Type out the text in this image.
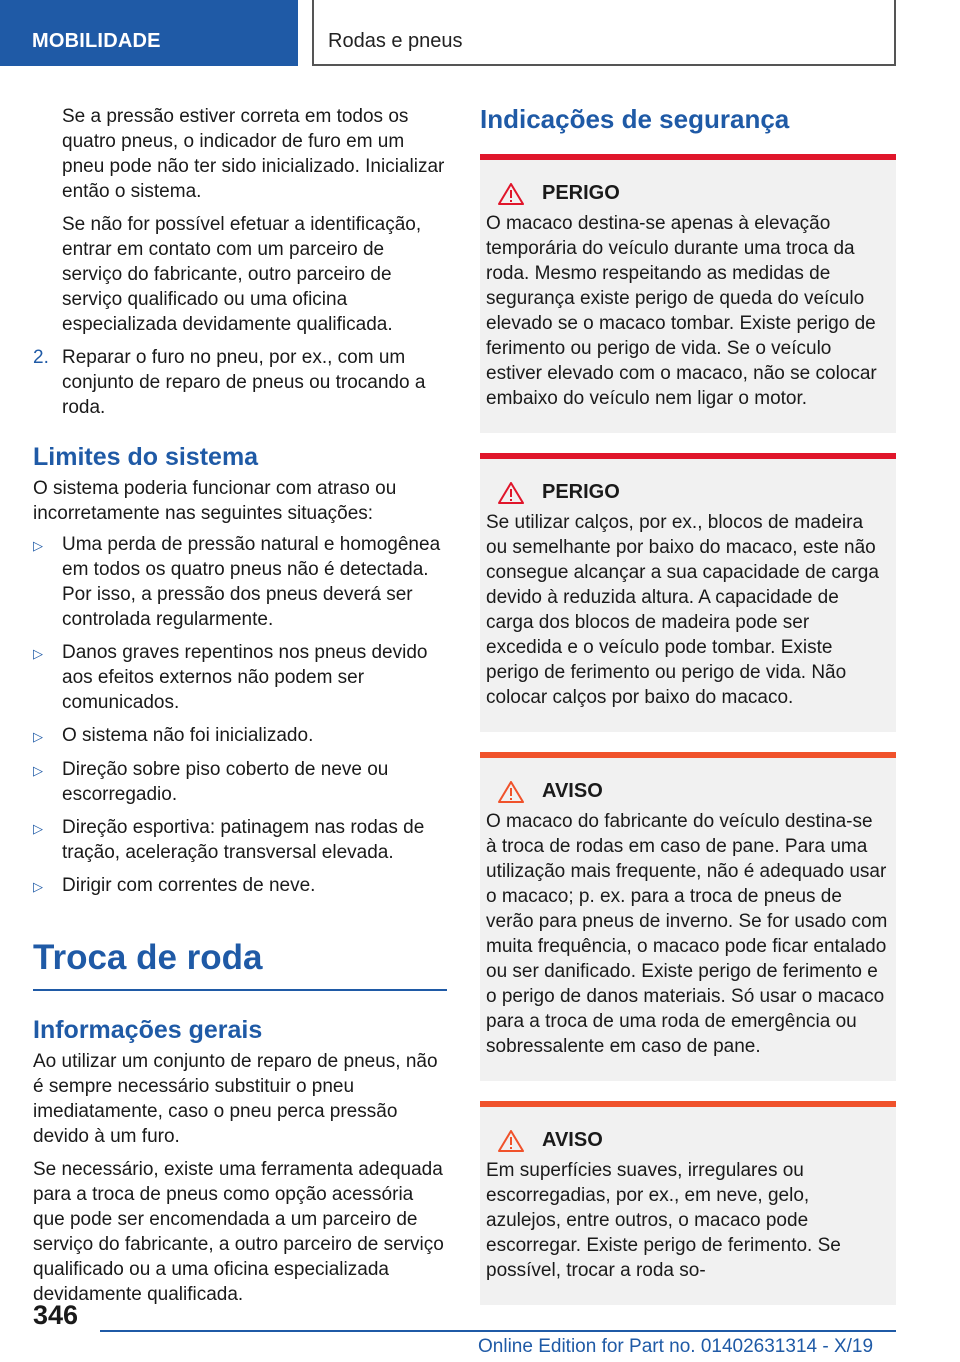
MOBILIDADE	Rodas e pneus

Se a pressão estiver correta em todos os quatro pneus, o indicador de furo em um pneu pode não ter sido inicializado. Inicializar então o sistema.

Se não for possível efetuar a identificação, entrar em contato com um parceiro de serviço do fabricante, outro parceiro de serviço qualificado ou uma oficina especializada devidamente qualificada.

2. Reparar o furo no pneu, por ex., com um conjunto de reparo de pneus ou trocando a roda.

Limites do sistema

O sistema poderia funcionar com atraso ou incorretamente nas seguintes situações:

▷	Uma perda de pressão natural e homogênea em todos os quatro pneus não é detectada. Por isso, a pressão dos pneus deverá ser controlada regularmente.

▷	Danos graves repentinos nos pneus devido aos efeitos externos não podem ser comunicados.

▷	O sistema não foi inicializado.

▷	Direção sobre piso coberto de neve ou escorregadio.

▷	Direção esportiva: patinagem nas rodas de tração, aceleração transversal elevada.

▷	Dirigir com correntes de neve.

Troca de roda
Informações gerais

Ao utilizar um conjunto de reparo de pneus, não é sempre necessário substituir o pneu imediatamente, caso o pneu perca pressão devido à um furo.

Se necessário, existe uma ferramenta adequada para a troca de pneus como opção acessória que pode ser encomendada a um parceiro de serviço do fabricante, a outro parceiro de serviço qualificado ou a uma oficina especializada devidamente qualificada.

Indicações de segurança
PERIGO

O macaco destina-se apenas à elevação temporária do veículo durante uma troca da roda. Mesmo respeitando as medidas de segurança existe perigo de queda do veículo elevado se o macaco tombar. Existe perigo de ferimento ou perigo de vida. Se o veículo estiver elevado com o macaco, não se colocar embaixo do veículo nem ligar o motor.

PERIGO

Se utilizar calços, por ex., blocos de madeira ou semelhante por baixo do macaco, este não consegue alcançar a sua capacidade de carga devido à reduzida altura. A capacidade de carga dos blocos de madeira pode ser excedida e o veículo pode tombar. Existe perigo de ferimento ou perigo de vida. Não colocar calços por baixo do macaco.

AVISO

O macaco do fabricante do veículo destina-se à troca de rodas em caso de pane. Para uma utilização mais frequente, não é adequado usar o macaco; p. ex. para a troca de pneus de verão para pneus de inverno. Se for usado com muita frequência, o macaco pode ficar entalado ou ser danificado. Existe perigo de ferimento e o perigo de danos materiais. Só usar o macaco para a troca de uma roda de emergência ou sobressalente em caso de pane.

AVISO

Em superfícies suaves, irregulares ou escorregadias, por ex., em neve, gelo, azulejos, entre outros, o macaco pode escorregar. Existe perigo de ferimento. Se possível, trocar a roda so-

346
Online Edition for Part no. 01402631314 - X/19
